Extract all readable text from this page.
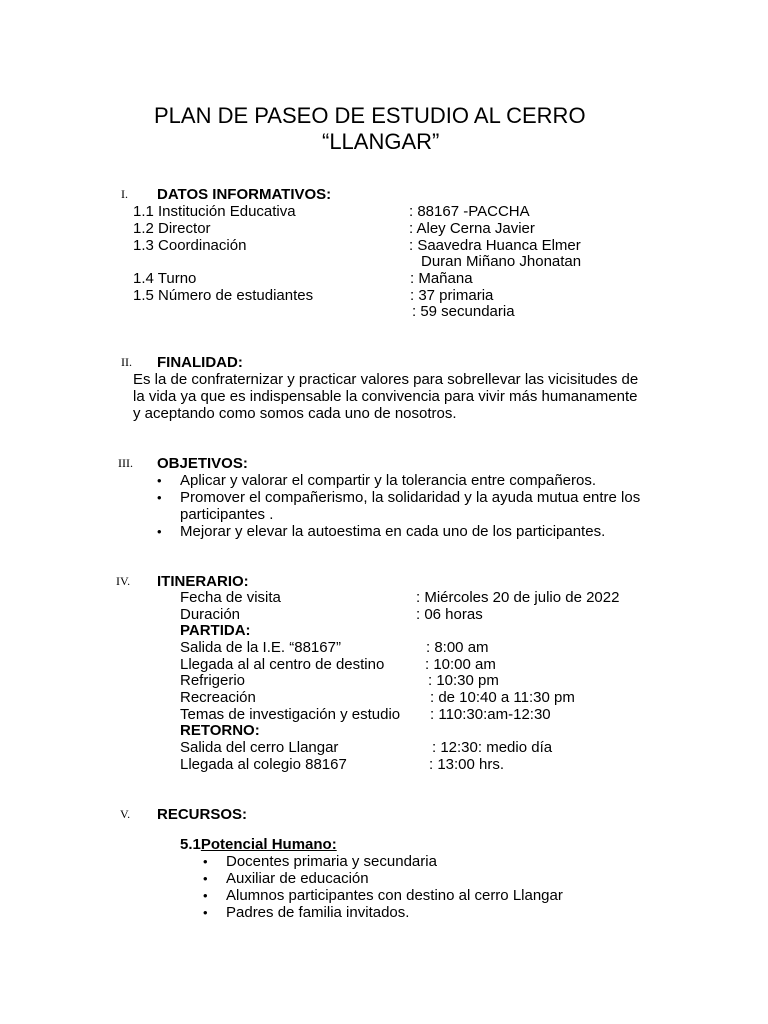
PLAN DE PASEO DE ESTUDIO AL CERRO
“LLANGAR”
I. DATOS INFORMATIVOS:
1.1 Institución Educativa	: 88167 -PACCHA
1.2 Director	: Aley Cerna Javier
1.3 Coordinación	: Saavedra Huanca Elmer
Duran Miñano Jhonatan
1.4 Turno	: Mañana
1.5 Número de estudiantes	: 37 primaria
: 59 secundaria
II. FINALIDAD:
Es la de confraternizar y practicar valores para sobrellevar las vicisitudes de
la vida ya que es indispensable la convivencia para vivir más humanamente
y aceptando como somos cada uno de nosotros.
III. OBJETIVOS:
• Aplicar y valorar el compartir y la tolerancia entre compañeros.
• Promover el compañerismo, la solidaridad y la ayuda mutua entre los
participantes .
• Mejorar y elevar la autoestima en cada uno de los participantes.
IV. ITINERARIO:
Fecha de visita	: Miércoles 20 de julio de 2022
Duración	: 06 horas
PARTIDA:
Salida de la I.E. “88167”	: 8:00 am
Llegada al al centro de destino	: 10:00 am
Refrigerio	: 10:30 pm
Recreación	: de 10:40 a 11:30 pm
Temas de investigación y estudio : 110:30:am-12:30
RETORNO:
Salida del cerro Llangar	: 12:30: medio día
Llegada al colegio 88167	: 13:00 hrs.
V. RECURSOS:
5.1Potencial Humano:
• Docentes primaria y secundaria
• Auxiliar de educación
• Alumnos participantes con destino al cerro Llangar
• Padres de familia invitados.
